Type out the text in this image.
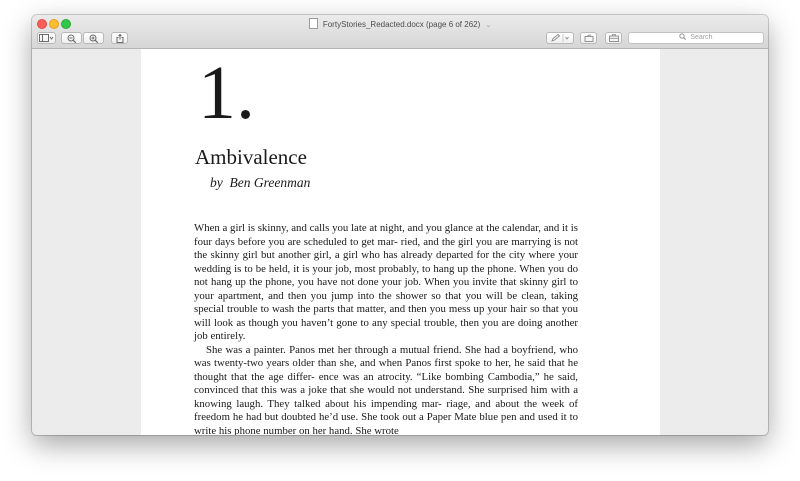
FortyStories_Redacted.docx (page 6 of 262) ⌄
Search
1.
Ambivalence
by  Ben Greenman

When a girl is skinny, and calls you late at night, and you glance at the calendar, and it is four days before you are scheduled to get mar- ried, and the girl you are marrying is not the skinny girl but another girl, a girl who has already departed for the city where your wedding is to be held, it is your job, most probably, to hang up the phone. When you do not hang up the phone, you have not done your job. When you invite that skinny girl to your apartment, and then you jump into the shower so that you will be clean, taking special trouble to wash the parts that matter, and then you mess up your hair so that you will look as though you haven’t gone to any special trouble, then you are doing another job entirely.

She was a painter. Panos met her through a mutual friend. She had a boyfriend, who was twenty-two years older than she, and when Panos first spoke to her, he said that he thought that the age differ- ence was an atrocity. “Like bombing Cambodia,” he said, convinced that this was a joke that she would not understand. She surprised him with a knowing laugh. They talked about his impending mar- riage, and about the week of freedom he had but doubted he’d use. She took out a Paper Mate blue pen and used it to write his phone number on her hand. She wrote
